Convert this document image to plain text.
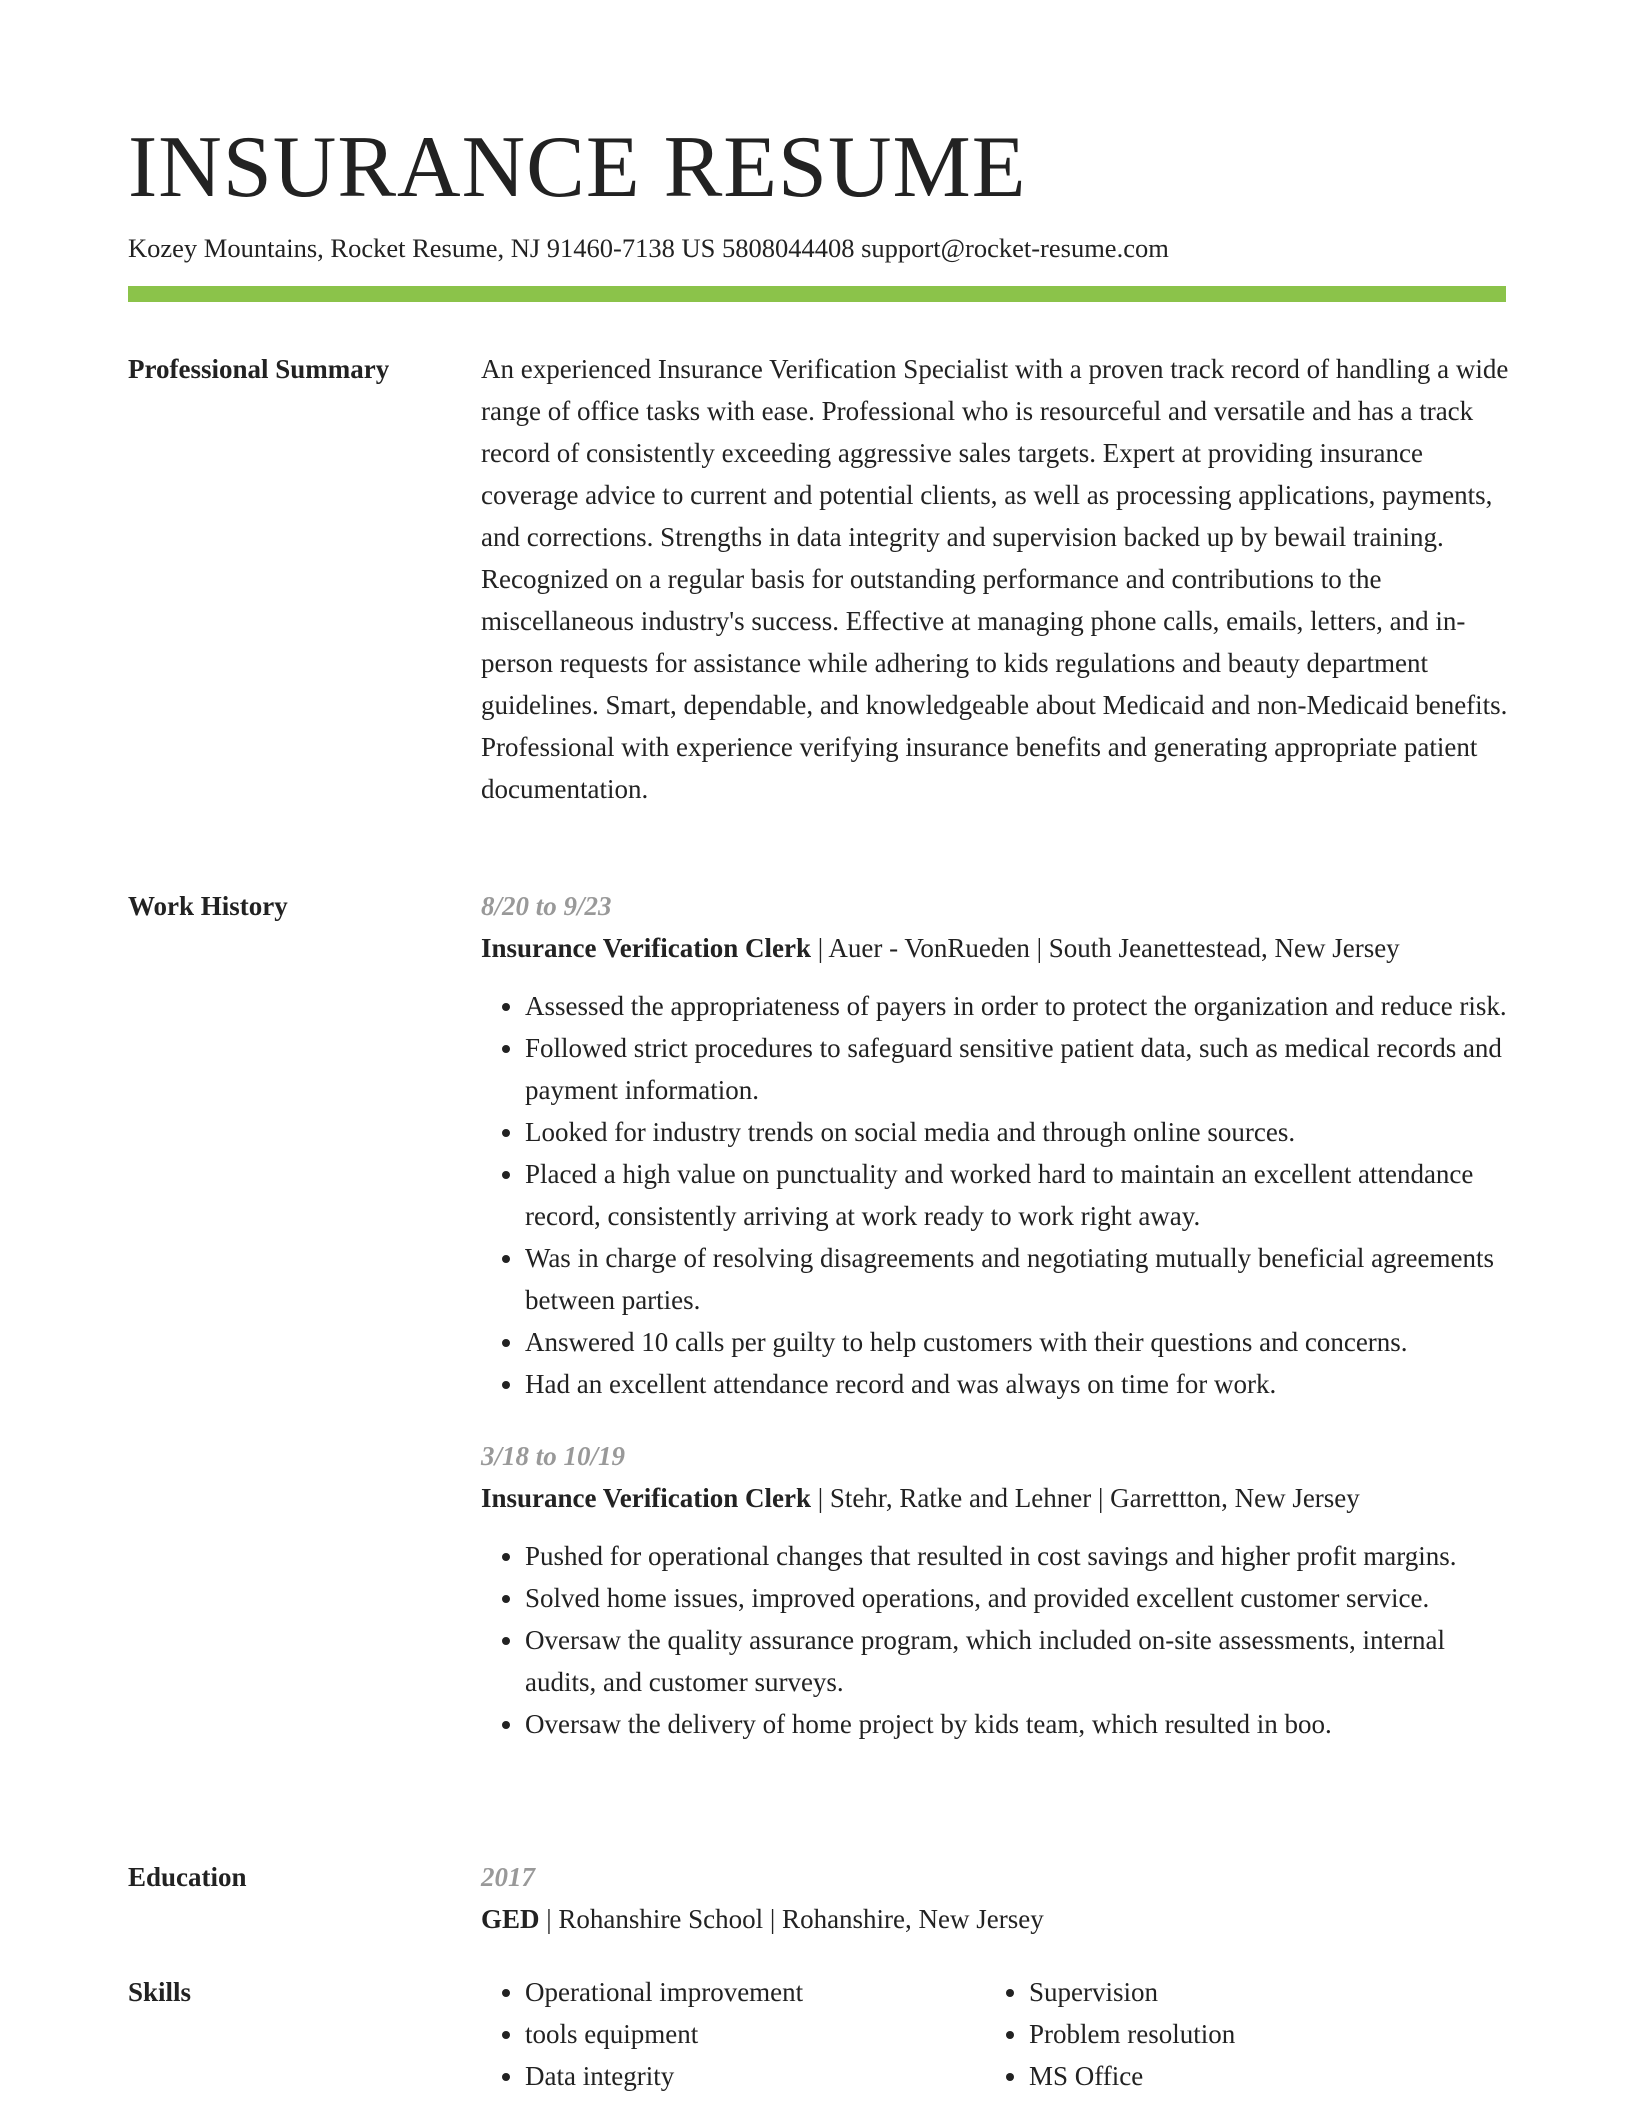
INSURANCE RESUME
Kozey Mountains, Rocket Resume, NJ 91460-7138 US 5808044408 support@rocket-resume.com
Professional Summary	An experienced Insurance Verification Specialist with a proven track record of handling a wide range of office tasks with ease. Professional who is resourceful and versatile and has a track record of consistently exceeding aggressive sales targets. Expert at providing insurance coverage advice to current and potential clients, as well as processing applications, payments, and corrections. Strengths in data integrity and supervision backed up by bewail training. Recognized on a regular basis for outstanding performance and contributions to the miscellaneous industry's success. Effective at managing phone calls, emails, letters, and in-person requests for assistance while adhering to kids regulations and beauty department guidelines. Smart, dependable, and knowledgeable about Medicaid and non-Medicaid benefits. Professional with experience verifying insurance benefits and generating appropriate patient documentation.

Work History	8/20 to 9/23
Insurance Verification Clerk | Auer - VonRueden | South Jeanettestead, New Jersey
• Assessed the appropriateness of payers in order to protect the organization and reduce risk.
• Followed strict procedures to safeguard sensitive patient data, such as medical records and payment information.
• Looked for industry trends on social media and through online sources.
• Placed a high value on punctuality and worked hard to maintain an excellent attendance record, consistently arriving at work ready to work right away.
• Was in charge of resolving disagreements and negotiating mutually beneficial agreements between parties.
• Answered 10 calls per guilty to help customers with their questions and concerns.
• Had an excellent attendance record and was always on time for work.
3/18 to 10/19
Insurance Verification Clerk | Stehr, Ratke and Lehner | Garrettton, New Jersey
• Pushed for operational changes that resulted in cost savings and higher profit margins.
• Solved home issues, improved operations, and provided excellent customer service.
• Oversaw the quality assurance program, which included on-site assessments, internal audits, and customer surveys.
• Oversaw the delivery of home project by kids team, which resulted in boo.
Education	2017
GED | Rohanshire School | Rohanshire, New Jersey
Skills
•	Operational improvement
• tools equipment
• Data integrity
• Supervision
• Problem resolution
• MS Office
